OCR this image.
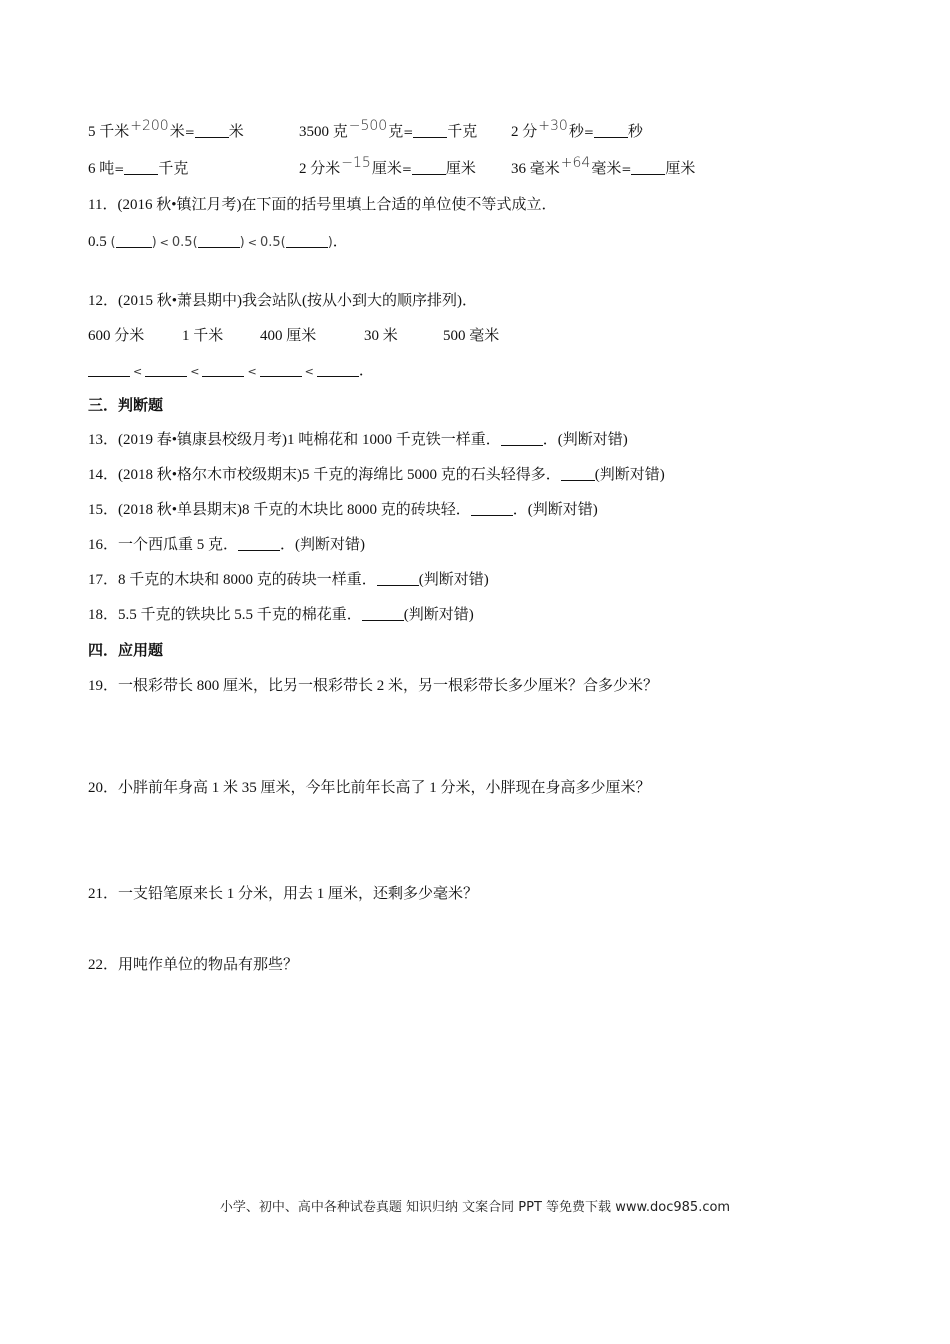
5 千米+200米= 米	3500 克−500克= 千克 2 分+30秒= 秒
6 吨= 千克	2 分米−15厘米= 厘米 36 毫米+64毫米= 厘米
11．(2016 秋•镇江月考)在下面的括号里填上合适的单位使不等式成立．
0.5 (	) < 0.5(	) < 0.5(	)．
12．(2015 秋•萧县期中)我会站队(按从小到大的顺序排列)．
600 分米	1 千米 400 厘米	30 米	500 毫米
<	<	<	<	．
三．判断题
13．(2019 春•镇康县校级月考)1 吨棉花和 1000 千克铁一样重．	．(判断对错)
14．(2018 秋•格尔木市校级期末)5 千克的海绵比 5000 克的石头轻得多． (判断对错)
15．(2018 秋•单县期末)8 千克的木块比 8000 克的砖块轻．	．(判断对错)
16．一个西瓜重 5 克．	．(判断对错)
17．8 千克的木块和 8000 克的砖块一样重．	(判断对错)
18．5.5 千克的铁块比 5.5 千克的棉花重．	(判断对错)
四．应用题
19．一根彩带长 800 厘米，比另一根彩带长 2 米，另一根彩带长多少厘米？合多少米？
20．小胖前年身高 1 米 35 厘米，今年比前年长高了 1 分米，小胖现在身高多少厘米？
21．一支铅笔原来长 1 分米，用去 1 厘米，还剩多少毫米？
22．用吨作单位的物品有那些？
小学、初中、高中各种试卷真题 知识归纳 文案合同 PPT 等免费下载 www.doc985.com
